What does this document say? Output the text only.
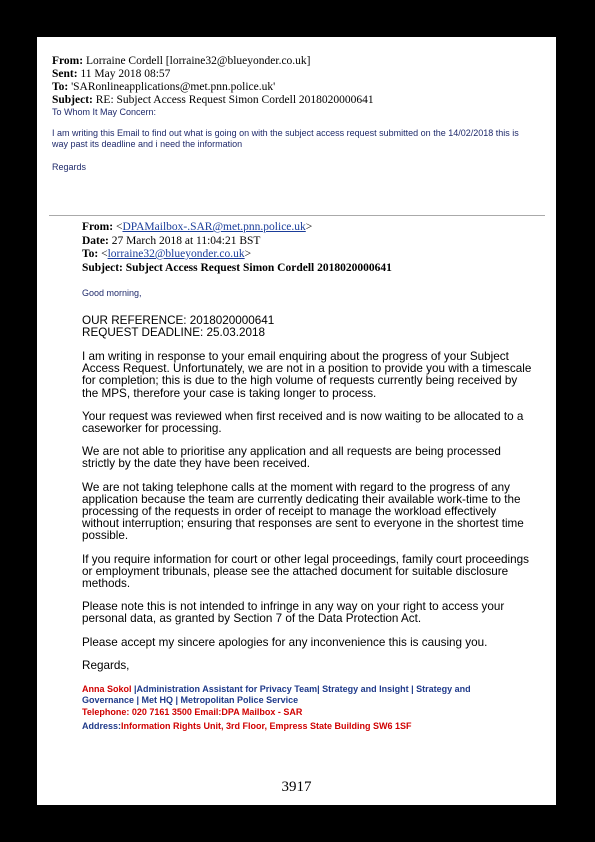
From: Lorraine Cordell [lorraine32@blueyonder.co.uk]
Sent: 11 May 2018 08:57
To: 'SARonlineapplications@met.pnn.police.uk'
Subject: RE: Subject Access Request Simon Cordell 2018020000641
To Whom It May Concern:
I am writing this Email to find out what is going on with the subject access request submitted on the 14/02/2018 this is way past its deadline and i need the information
Regards
From: <DPAMailbox-.SAR@met.pnn.police.uk>
Date: 27 March 2018 at 11:04:21 BST
To: <lorraine32@blueyonder.co.uk>
Subject: Subject Access Request Simon Cordell 2018020000641
Good morning,

OUR REFERENCE: 2018020000641

REQUEST DEADLINE: 25.03.2018

I am writing in response to your email enquiring about the progress of your Subject Access Request. Unfortunately, we are not in a position to provide you with a timescale for completion; this is due to the high volume of requests currently being received by the MPS, therefore your case is taking longer to process.

Your request was reviewed when first received and is now waiting to be allocated to a caseworker for processing.

We are not able to prioritise any application and all requests are being processed strictly by the date they have been received.

We are not taking telephone calls at the moment with regard to the progress of any application because the team are currently dedicating their available work-time to the processing of the requests in order of receipt to manage the workload effectively without interruption; ensuring that responses are sent to everyone in the shortest time possible.

If you require information for court or other legal proceedings, family court proceedings or employment tribunals, please see the attached document for suitable disclosure methods.

Please note this is not intended to infringe in any way on your right to access your personal data, as granted by Section 7 of the Data Protection Act.

Please accept my sincere apologies for any inconvenience this is causing you.

Regards,

Anna Sokol |Administration Assistant for Privacy Team| Strategy and Insight | Strategy and Governance | Met HQ | Metropolitan Police Service
Telephone: 020 7161 3500 Email:DPA Mailbox - SAR
Address:Information Rights Unit, 3rd Floor, Empress State Building SW6 1SF
3917
